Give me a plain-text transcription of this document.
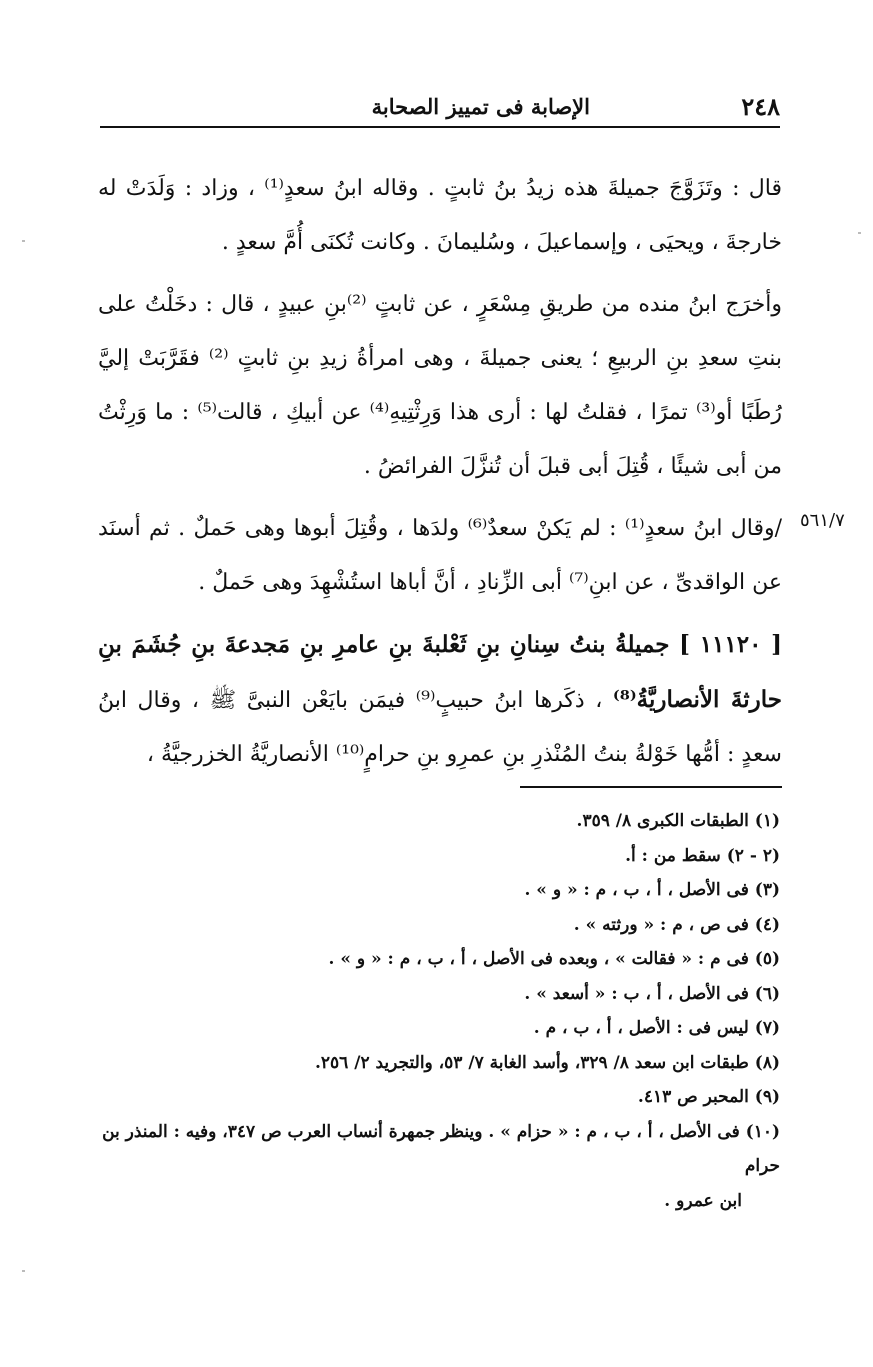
٢٤٨
الإصابة فى تمييز الصحابة
٥٦١/٧

قال : وتَزَوَّجَ جميلةَ هذه زيدُ بنُ ثابتٍ . وقاله ابنُ سعدٍ⁽¹⁾ ، وزاد : وَلَدَتْ له خارجةَ ، ويحيَى ، وإسماعيلَ ، وسُليمانَ . وكانت تُكنَى أُمَّ سعدٍ .

وأخرَج ابنُ منده من طريقِ مِسْعَرٍ ، عن ثابتٍ ⁽²⁾بنِ عبيدٍ ، قال : دخَلْتُ على بنتِ سعدِ بنِ الربيعِ ؛ يعنى جميلةَ ، وهى امرأةُ زيدِ بنِ ثابتٍ ⁽²⁾ فقَرَّبَتْ إليَّ رُطَبًا أو⁽³⁾ تمرًا ، فقلتُ لها : أرى هذا وَرِثْتِيهِ⁽⁴⁾ عن أبيكِ ، قالت⁽⁵⁾ : ما وَرِثْتُ من أبى شيئًا ، قُتِلَ أبى قبلَ أن تُنزَّلَ الفرائضُ .

/وقال ابنُ سعدٍ⁽¹⁾ : لم يَكنْ سعدٌ⁽⁶⁾ ولدَها ، وقُتِلَ أبوها وهى حَملٌ . ثم أسنَد عن الواقدىِّ ، عن ابنِ⁽⁷⁾ أبى الزِّنادِ ، أنَّ أباها استُشْهِدَ وهى حَملٌ .

[ ١١١٢٠ ] جميلةُ بنتُ سِنانِ بنِ ثَعْلبةَ بنِ عامرِ بنِ مَجدعةَ بنِ جُشَمَ بنِ حارثةَ الأنصاريَّةُ⁽⁸⁾ ، ذكَرها ابنُ حبيبٍ⁽⁹⁾ فيمَن بايَعْن النبىَّ ﷺ ، وقال ابنُ سعدٍ : أمُّها خَوْلةُ بنتُ المُنْذرِ بنِ عمرِو بنِ حرامٍ⁽¹⁰⁾ الأنصاريَّةُ الخزرجيَّةُ ،

(١) الطبقات الكبرى ٨/ ٣٥٩.

(٢ - ٢) سقط من : أ.

(٣) فى الأصل ، أ ، ب ، م : « و » .

(٤) فى ص ، م : « ورثته » .

(٥) فى م : « فقالت » ، وبعده فى الأصل ، أ ، ب ، م : « و » .

(٦) فى الأصل ، أ ، ب : « أسعد » .

(٧) ليس فى : الأصل ، أ ، ب ، م .

(٨) طبقات ابن سعد ٨/ ٣٢٩، وأسد الغابة ٧/ ٥٣، والتجريد ٢/ ٢٥٦.

(٩) المحبر ص ٤١٣.

(١٠) فى الأصل ، أ ، ب ، م : « حزام » . وينظر جمهرة أنساب العرب ص ٣٤٧، وفيه : المنذر بن حرام

ابن عمرو .
